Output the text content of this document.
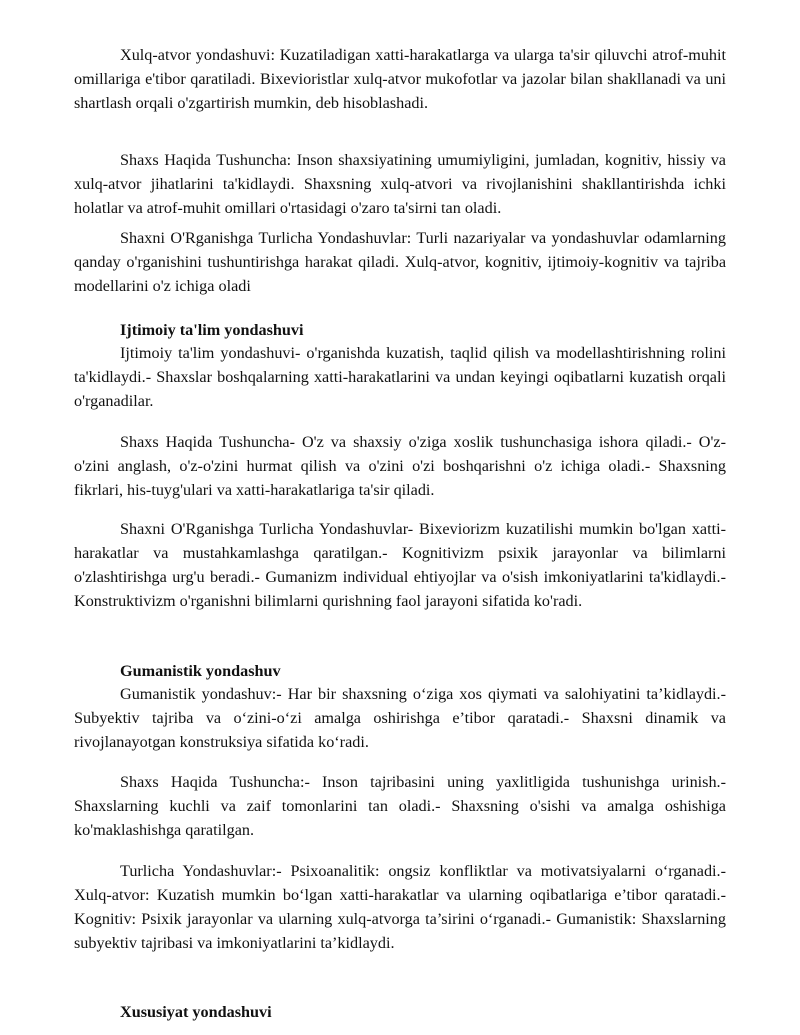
Xulq-atvor yondashuvi: Kuzatiladigan xatti-harakatlarga va ularga ta'sir qiluvchi atrof-muhit omillariga e'tibor qaratiladi. Bixevioristlar xulq-atvor mukofotlar va jazolar bilan shakllanadi va uni shartlash orqali o'zgartirish mumkin, deb hisoblashadi.

Shaxs Haqida Tushuncha: Inson shaxsiyatining umumiyligini, jumladan, kognitiv, hissiy va xulq-atvor jihatlarini ta'kidlaydi. Shaxsning xulq-atvori va rivojlanishini shakllantirishda ichki holatlar va atrof-muhit omillari o'rtasidagi o'zaro ta'sirni tan oladi.

Shaxni O'Rganishga Turlicha Yondashuvlar: Turli nazariyalar va yondashuvlar odamlarning qanday o'rganishini tushuntirishga harakat qiladi. Xulq-atvor, kognitiv, ijtimoiy-kognitiv va tajriba modellarini o'z ichiga oladi

Ijtimoiy ta'lim yondashuvi

Ijtimoiy ta'lim yondashuvi- o'rganishda kuzatish, taqlid qilish va modellashtirishning rolini ta'kidlaydi.- Shaxslar boshqalarning xatti-harakatlarini va undan keyingi oqibatlarni kuzatish orqali o'rganadilar.

Shaxs Haqida Tushuncha- O'z va shaxsiy o'ziga xoslik tushunchasiga ishora qiladi.- O'z-o'zini anglash, o'z-o'zini hurmat qilish va o'zini o'zi boshqarishni o'z ichiga oladi.- Shaxsning fikrlari, his-tuyg'ulari va xatti-harakatlariga ta'sir qiladi.

Shaxni O'Rganishga Turlicha Yondashuvlar- Bixeviorizm kuzatilishi mumkin bo'lgan xatti-harakatlar va mustahkamlashga qaratilgan.- Kognitivizm psixik jarayonlar va bilimlarni o'zlashtirishga urg'u beradi.- Gumanizm individual ehtiyojlar va o'sish imkoniyatlarini ta'kidlaydi.- Konstruktivizm o'rganishni bilimlarni qurishning faol jarayoni sifatida ko'radi.

Gumanistik yondashuv

Gumanistik yondashuv:- Har bir shaxsning o‘ziga xos qiymati va salohiyatini ta’kidlaydi.- Subyektiv tajriba va o‘zini-o‘zi amalga oshirishga e’tibor qaratadi.- Shaxsni dinamik va rivojlanayotgan konstruksiya sifatida ko‘radi.

Shaxs Haqida Tushuncha:- Inson tajribasini uning yaxlitligida tushunishga urinish.- Shaxslarning kuchli va zaif tomonlarini tan oladi.- Shaxsning o'sishi va amalga oshishiga ko'maklashishga qaratilgan.

Turlicha Yondashuvlar:- Psixoanalitik: ongsiz konfliktlar va motivatsiyalarni o‘rganadi.- Xulq-atvor: Kuzatish mumkin bo‘lgan xatti-harakatlar va ularning oqibatlariga e’tibor qaratadi.- Kognitiv: Psixik jarayonlar va ularning xulq-atvorga ta’sirini o‘rganadi.- Gumanistik: Shaxslarning subyektiv tajribasi va imkoniyatlarini ta’kidlaydi.

Xususiyat yondashuvi
